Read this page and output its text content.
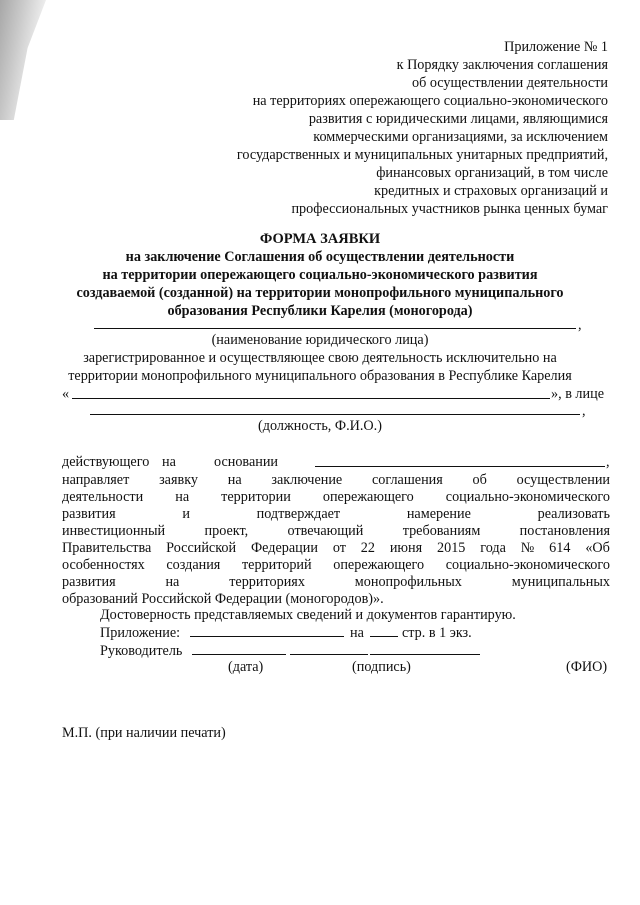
Приложение № 1
к Порядку заключения соглашения
об осуществлении деятельности
на территориях опережающего социально-экономического
развития с юридическими лицами, являющимися
коммерческими организациями, за исключением
государственных и муниципальных унитарных предприятий,
финансовых организаций, в том числе
кредитных и страховых организаций и
профессиональных участников рынка ценных бумаг
ФОРМА ЗАЯВКИ
на заключение Соглашения об осуществлении деятельности
на территории опережающего социально-экономического развития
создаваемой (созданной) на территории монопрофильного муниципального
образования Республики Карелия (моногорода)
,
(наименование юридического лица)
зарегистрированное и осуществляющее свою деятельность исключительно на
территории монопрофильного муниципального образования в Республике Карелия
«	», в лице
,
(должность, Ф.И.О.)
действующего на	основании	,
направляет заявку на заключение соглашения об осуществлении
деятельности на территории опережающего социально-экономического
развития	и	подтверждает	намерение	реализовать
инвестиционный	проект,	отвечающий	требованиям	постановления
Правительства Российской Федерации от 22 июня 2015 года № 614 «Об
особенностях создания территорий опережающего социально-экономического
развития	на	территориях	монопрофильных	муниципальных
образований Российской Федерации (моногородов)».
Достоверность представляемых сведений и документов гарантирую.
Приложение:	на	стр. в 1 экз.
Руководитель
(дата)	(подпись)	(ФИО)
М.П. (при наличии печати)
